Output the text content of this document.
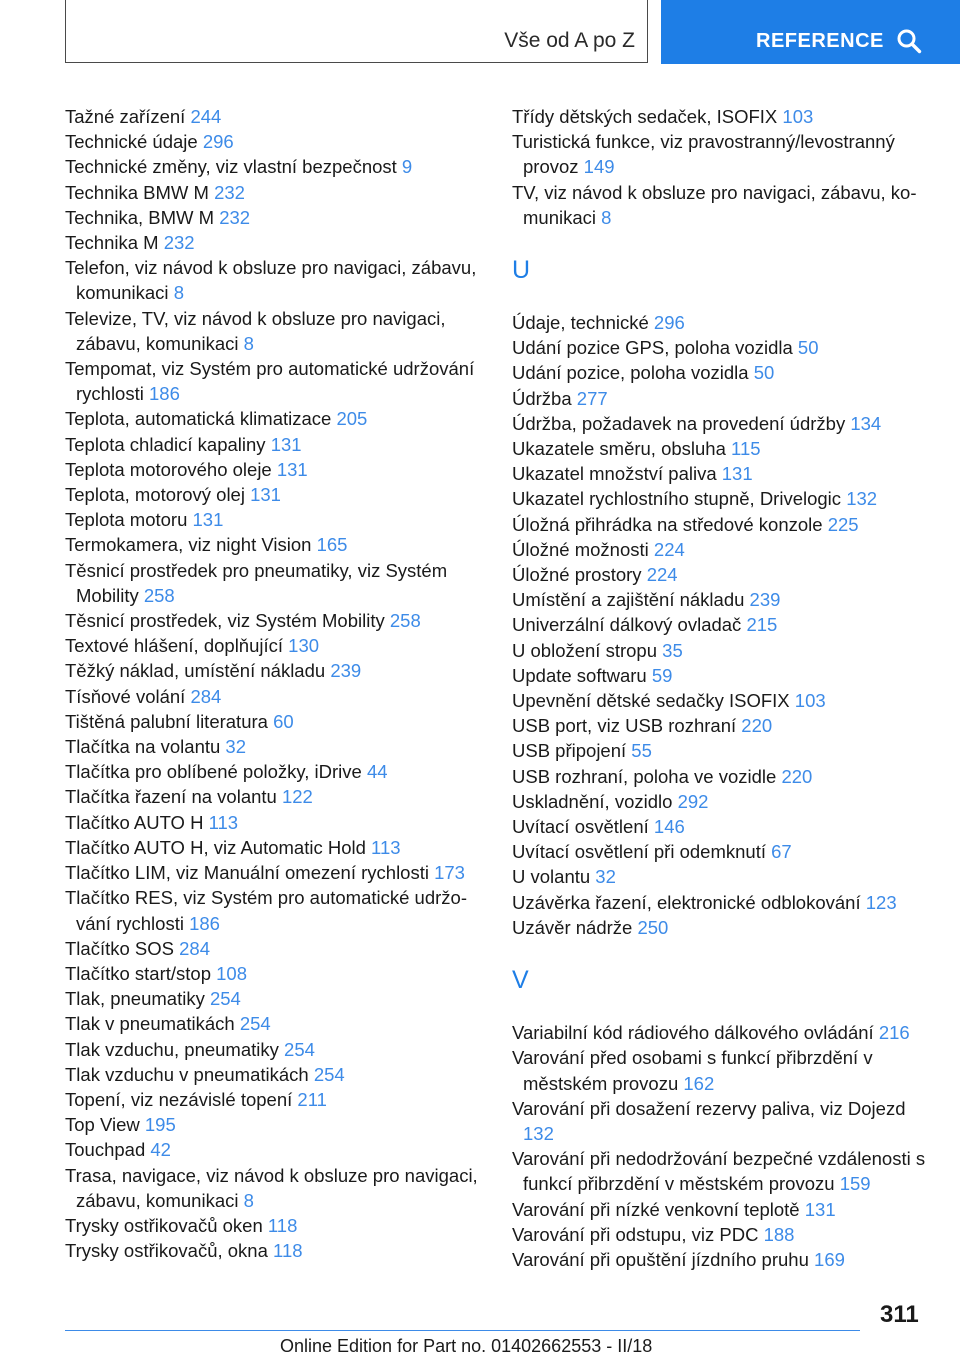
Vše od A po Z	REFERENCE
Tažné zařízení 244
Technické údaje 296
Technické změny, viz vlastní bezpečnost 9
Technika BMW M 232
Technika, BMW M 232
Technika M 232
Telefon, viz návod k obsluze pro navigaci, zábavu, komunikaci 8
Televize, TV, viz návod k obsluze pro navigaci, zábavu, komunikaci 8
Tempomat, viz Systém pro automatické udržování rychlosti 186
Teplota, automatická klimatizace 205
Teplota chladicí kapaliny 131
Teplota motorového oleje 131
Teplota, motorový olej 131
Teplota motoru 131
Termokamera, viz night Vision 165
Těsnicí prostředek pro pneumatiky, viz Systém Mobility 258
Těsnicí prostředek, viz Systém Mobility 258
Textové hlášení, doplňující 130
Těžký náklad, umístění nákladu 239
Tísňové volání 284
Tištěná palubní literatura 60
Tlačítka na volantu 32
Tlačítka pro oblíbené položky, iDrive 44
Tlačítka řazení na volantu 122
Tlačítko AUTO H 113
Tlačítko AUTO H, viz Automatic Hold 113
Tlačítko LIM, viz Manuální omezení rychlosti 173
Tlačítko RES, viz Systém pro automatické udržování rychlosti 186
Tlačítko SOS 284
Tlačítko start/stop 108
Tlak, pneumatiky 254
Tlak v pneumatikách 254
Tlak vzduchu, pneumatiky 254
Tlak vzduchu v pneumatikách 254
Topení, viz nezávislé topení 211
Top View 195
Touchpad 42
Trasa, navigace, viz návod k obsluze pro navigaci, zábavu, komunikaci 8
Trysky ostřikovačů oken 118
Trysky ostřikovačů, okna 118
Třídy dětských sedaček, ISOFIX 103
Turistická funkce, viz pravostranný/levostranný provoz 149
TV, viz návod k obsluze pro navigaci, zábavu, komunikaci 8
U
Údaje, technické 296
Udání pozice GPS, poloha vozidla 50
Udání pozice, poloha vozidla 50
Údržba 277
Údržba, požadavek na provedení údržby 134
Ukazatele směru, obsluha 115
Ukazatel množství paliva 131
Ukazatel rychlostního stupně, Drivelogic 132
Úložná přihrádka na středové konzole 225
Úložné možnosti 224
Úložné prostory 224
Umístění a zajištění nákladu 239
Univerzální dálkový ovladač 215
U obložení stropu 35
Update softwaru 59
Upevnění dětské sedačky ISOFIX 103
USB port, viz USB rozhraní 220
USB připojení 55
USB rozhraní, poloha ve vozidle 220
Uskladnění, vozidlo 292
Uvítací osvětlení 146
Uvítací osvětlení při odemknutí 67
U volantu 32
Uzávěrka řazení, elektronické odblokování 123
Uzávěr nádrže 250
V
Variabilní kód rádiového dálkového ovládání 216
Varování před osobami s funkcí přibrzdění v městském provozu 162
Varování při dosažení rezervy paliva, viz Dojezd 132
Varování při nedodržování bezpečné vzdálenosti s funkcí přibrzdění v městském provozu 159
Varování při nízké venkovní teplotě 131
Varování při odstupu, viz PDC 188
Varování při opuštění jízdního pruhu 169
311
Online Edition for Part no. 01402662553 - II/18
